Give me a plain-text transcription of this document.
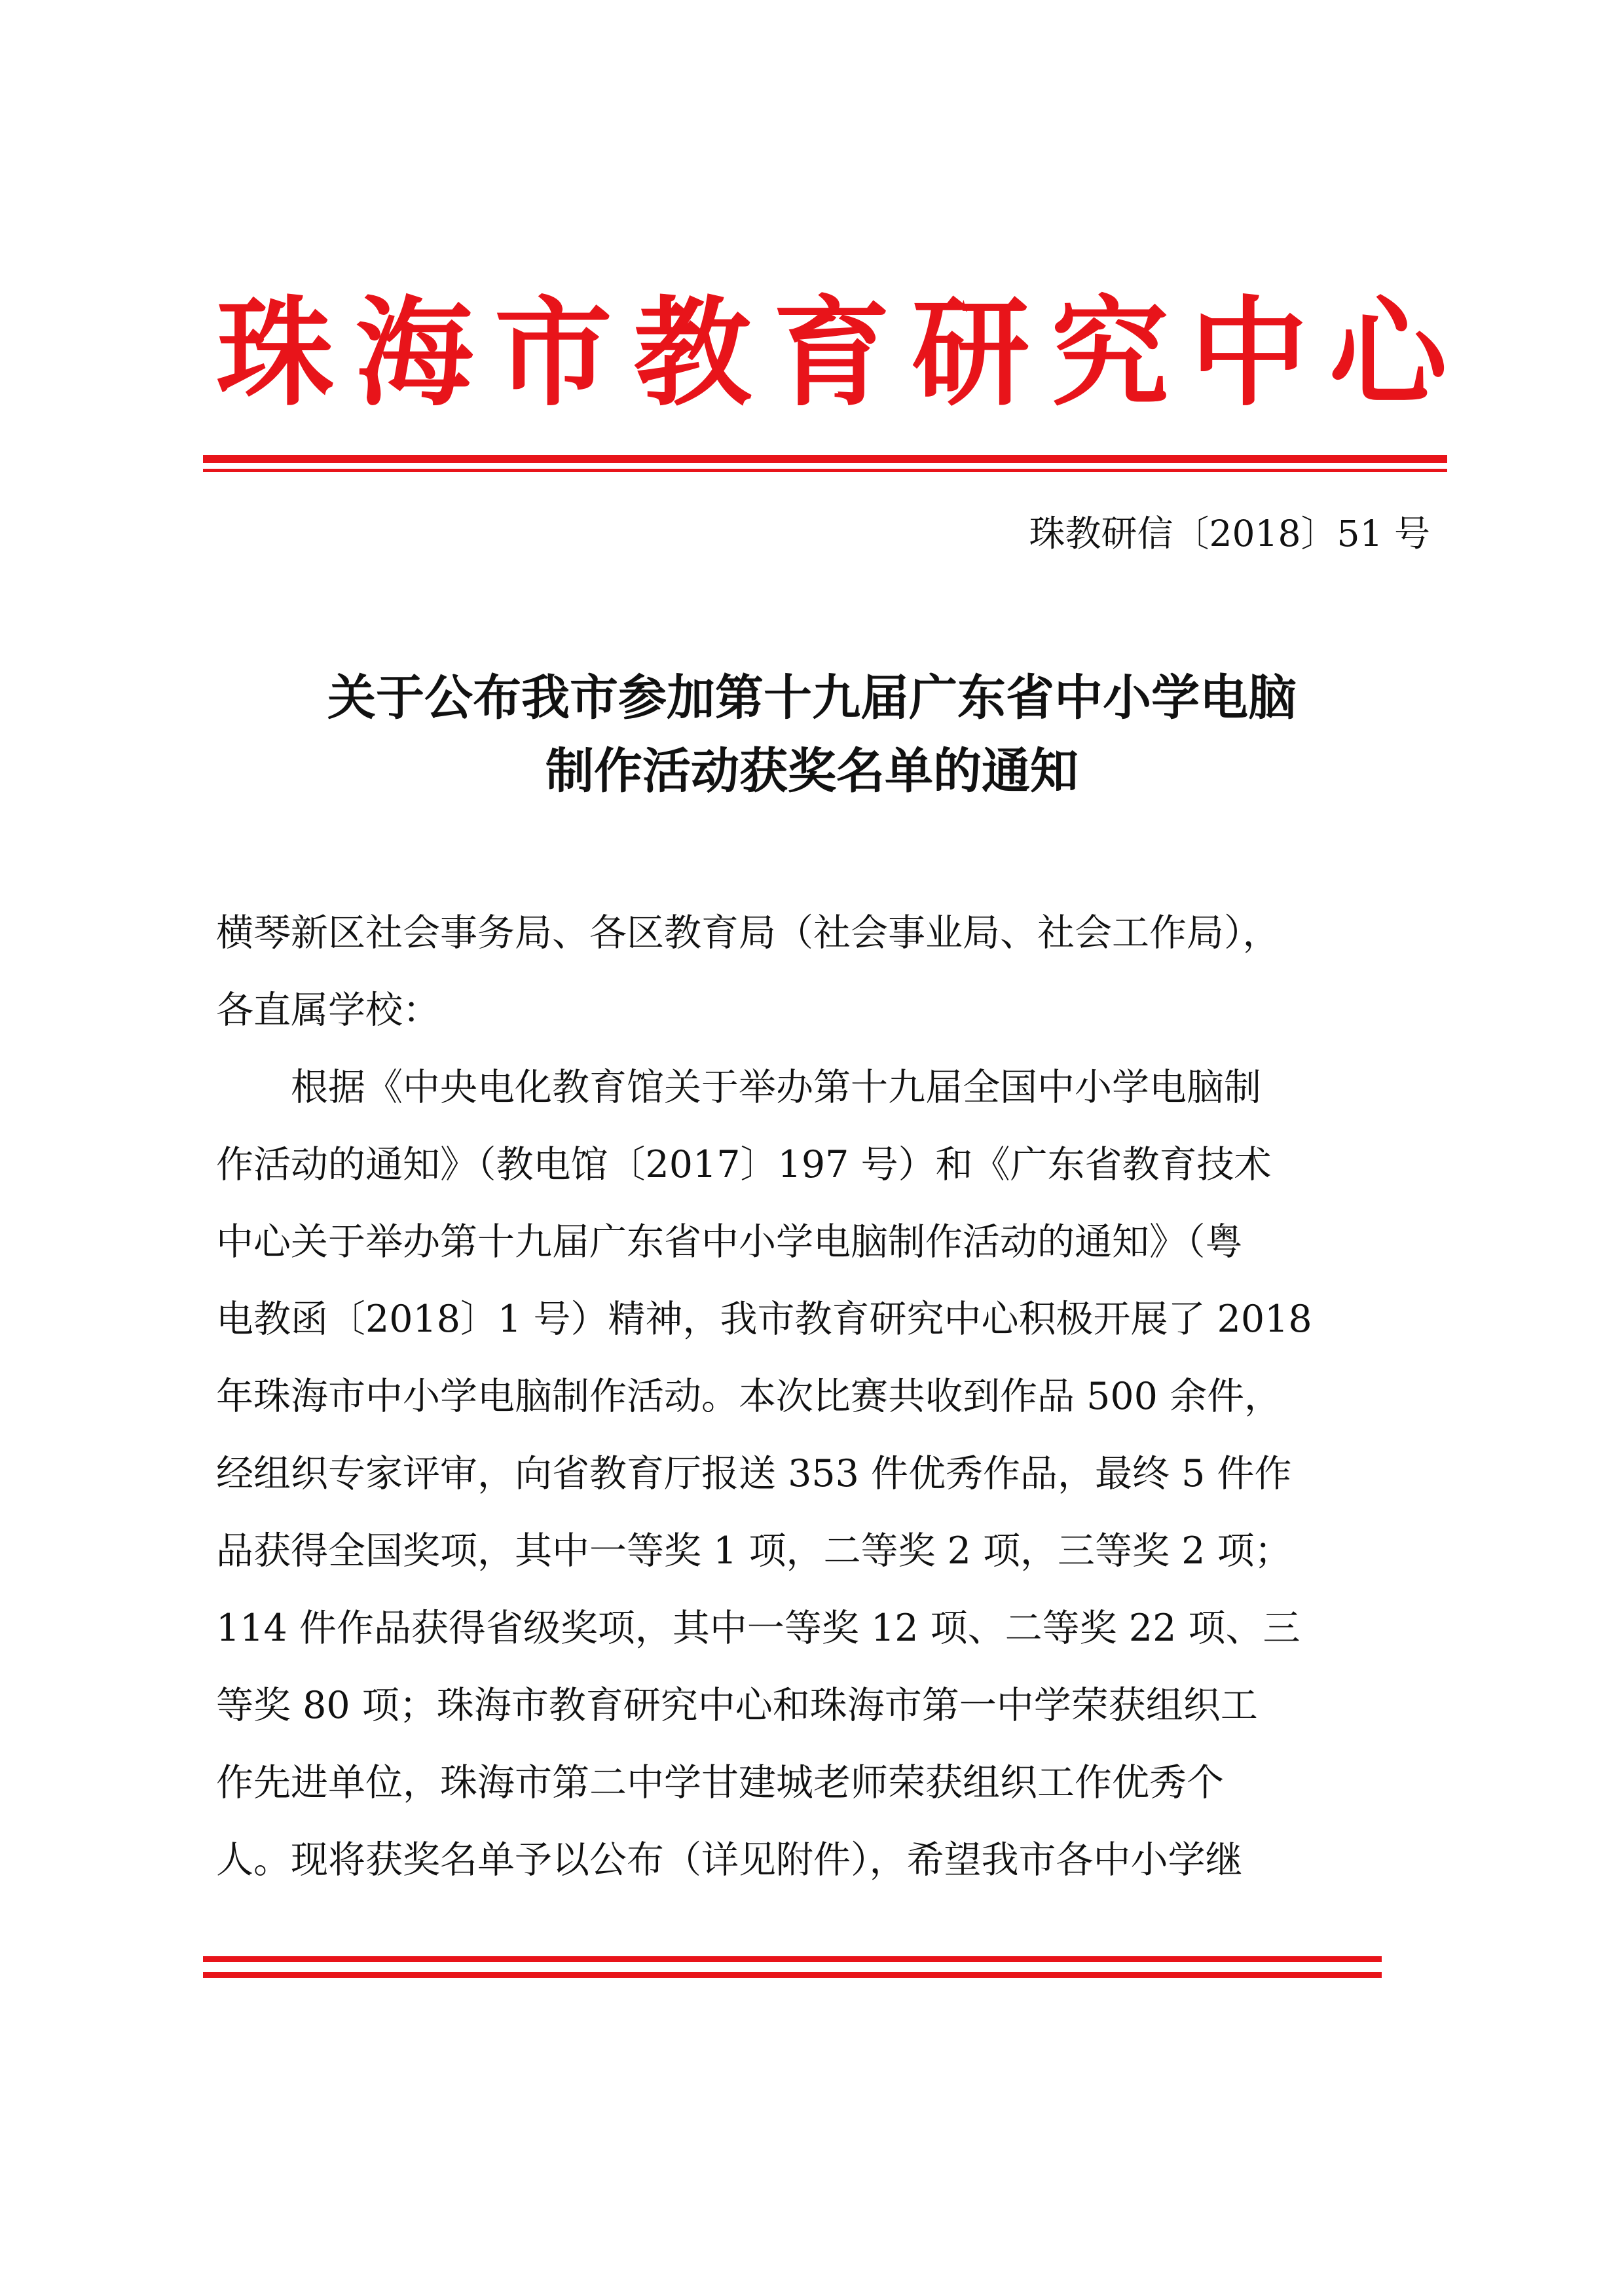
珠 海 市 教 育 研 究 中 心
珠教研信〔2018〕51 号
关于公布我市参加第十九届广东省中小学电脑
制作活动获奖名单的通知
横琴新区社会事务局、各区教育局（社会事业局、社会工作局），
各直属学校：
　　根据《中央电化教育馆关于举办第十九届全国中小学电脑制
作活动的通知》（教电馆〔2017〕197 号）和《广东省教育技术
中心关于举办第十九届广东省中小学电脑制作活动的通知》（粤
电教函〔2018〕1 号）精神，我市教育研究中心积极开展了 2018
年珠海市中小学电脑制作活动。本次比赛共收到作品 500 余件，
经组织专家评审，向省教育厅报送 353 件优秀作品，最终 5 件作
品获得全国奖项，其中一等奖 1 项，二等奖 2 项，三等奖 2 项；
114 件作品获得省级奖项，其中一等奖 12 项、二等奖 22 项、三
等奖 80 项；珠海市教育研究中心和珠海市第一中学荣获组织工
作先进单位，珠海市第二中学甘建城老师荣获组织工作优秀个
人。现将获奖名单予以公布（详见附件），希望我市各中小学继
